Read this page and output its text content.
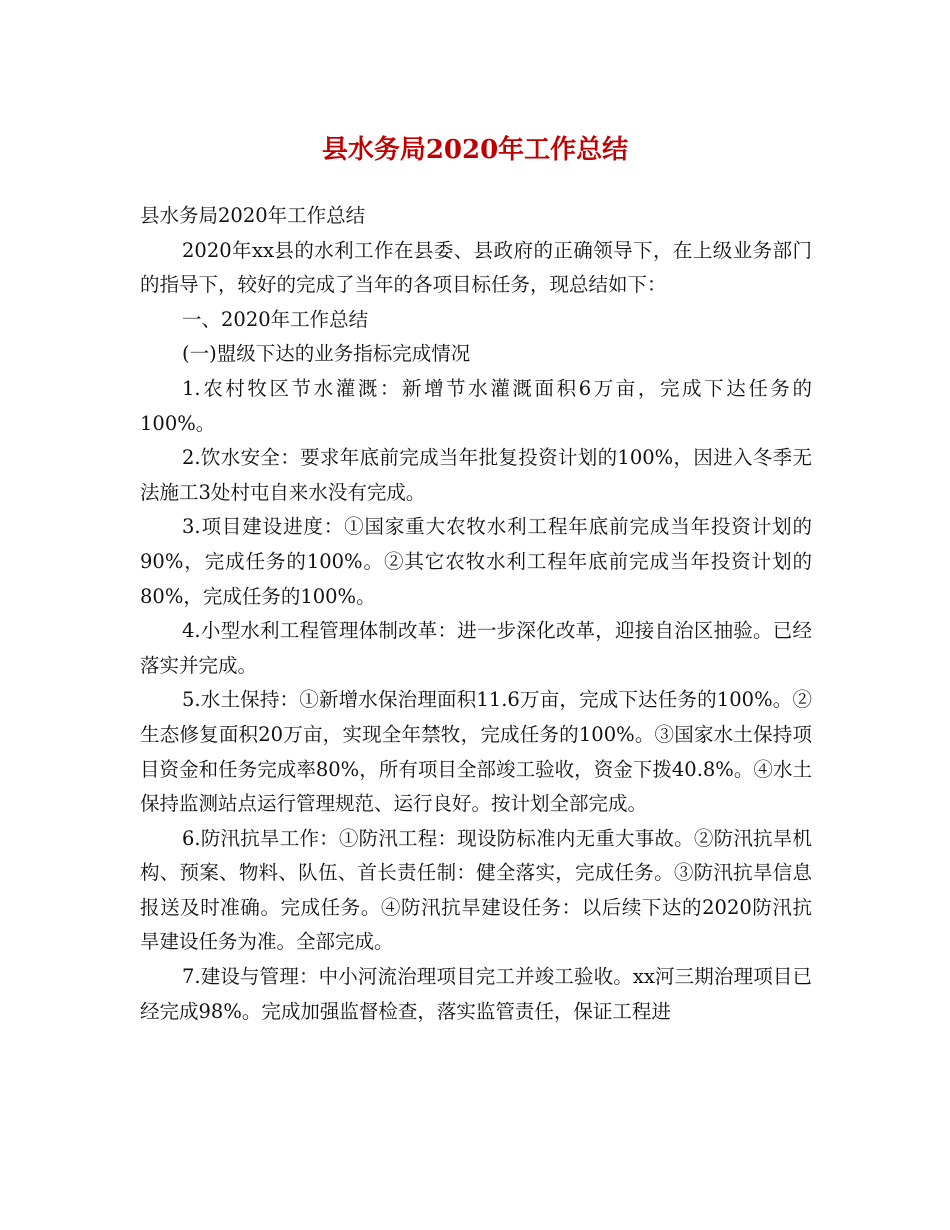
县水务局2020年工作总结

县水务局2020年工作总结

2020年xx县的水利工作在县委、县政府的正确领导下，在上级业务部门的指导下，较好的完成了当年的各项目标任务，现总结如下：

一、2020年工作总结

(一)盟级下达的业务指标完成情况

1.农村牧区节水灌溉：新增节水灌溉面积6万亩，完成下达任务的100%。

2.饮水安全：要求年底前完成当年批复投资计划的100%，因进入冬季无法施工3处村屯自来水没有完成。

3.项目建设进度：①国家重大农牧水利工程年底前完成当年投资计划的90%，完成任务的100%。②其它农牧水利工程年底前完成当年投资计划的80%，完成任务的100%。

4.小型水利工程管理体制改革：进一步深化改革，迎接自治区抽验。已经落实并完成。

5.水土保持：①新增水保治理面积11.6万亩，完成下达任务的100%。②生态修复面积20万亩，实现全年禁牧，完成任务的100%。③国家水土保持项目资金和任务完成率80%，所有项目全部竣工验收，资金下拨40.8%。④水土保持监测站点运行管理规范、运行良好。按计划全部完成。

6.防汛抗旱工作：①防汛工程：现设防标准内无重大事故。②防汛抗旱机构、预案、物料、队伍、首长责任制：健全落实，完成任务。③防汛抗旱信息报送及时准确。完成任务。④防汛抗旱建设任务：以后续下达的2020防汛抗旱建设任务为准。全部完成。

7.建设与管理：中小河流治理项目完工并竣工验收。xx河三期治理项目已经完成98%。完成加强监督检查，落实监管责任，保证工程进
